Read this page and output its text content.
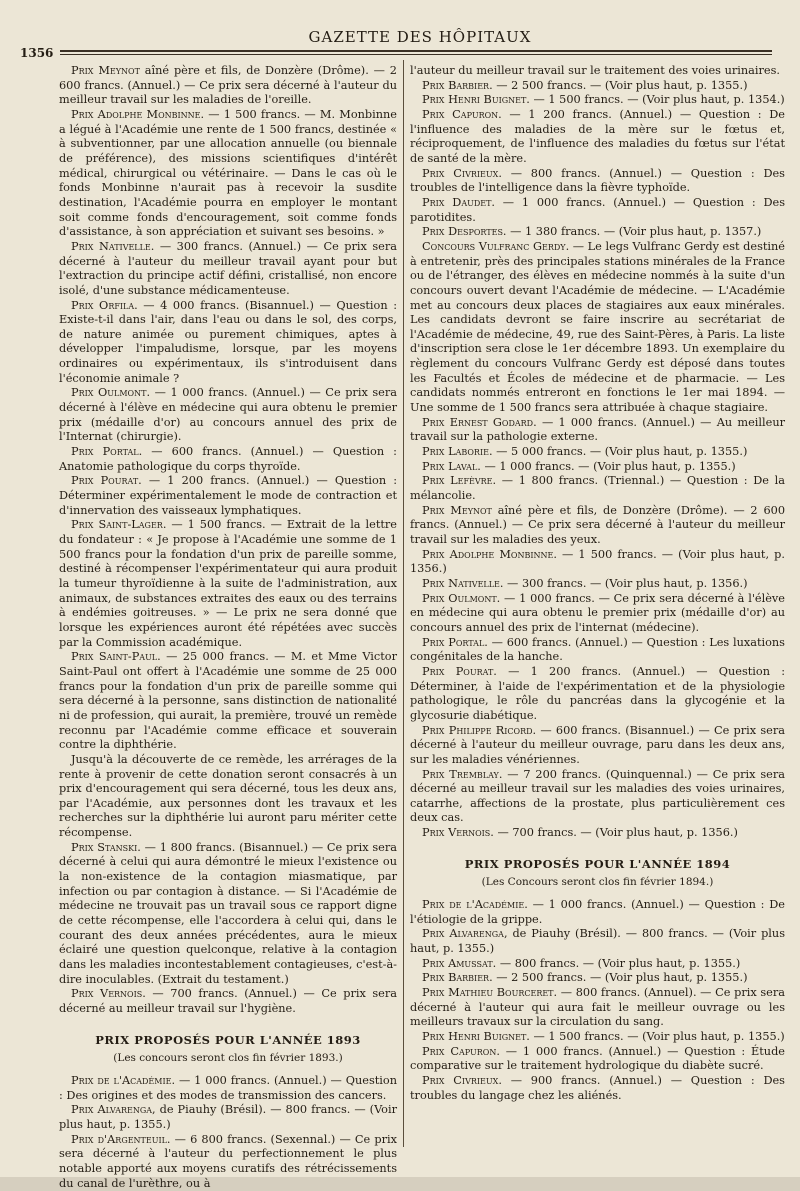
1356
GAZETTE DES HÔPITAUX

Prix Meynot aîné père et fils, de Donzère (Drôme). — 2 600 francs. (Annuel.) — Ce prix sera décerné à l'auteur du meilleur travail sur les maladies de l'oreille.

Prix Adolphe Monbinne. — 1 500 francs. — M. Monbinne a légué à l'Académie une rente de 1 500 francs, destinée « à subventionner, par une allocation annuelle (ou biennale de préférence), des missions scientifiques d'intérêt médical, chirurgical ou vétérinaire. — Dans le cas où le fonds Monbinne n'aurait pas à recevoir la susdite destination, l'Académie pourra en employer le montant soit comme fonds d'encouragement, soit comme fonds d'assistance, à son appréciation et suivant ses besoins. »

Prix Nativelle. — 300 francs. (Annuel.) — Ce prix sera décerné à l'auteur du meilleur travail ayant pour but l'extraction du principe actif défini, cristallisé, non encore isolé, d'une substance médicamenteuse.

Prix Orfila. — 4 000 francs. (Bisannuel.) — Question : Existe-t-il dans l'air, dans l'eau ou dans le sol, des corps, de nature animée ou purement chimiques, aptes à développer l'impaludisme, lorsque, par les moyens ordinaires ou expérimentaux, ils s'introduisent dans l'économie animale ?

Prix Oulmont. — 1 000 francs. (Annuel.) — Ce prix sera décerné à l'élève en médecine qui aura obtenu le premier prix (médaille d'or) au concours annuel des prix de l'Internat (chirurgie).

Prix Portal. — 600 francs. (Annuel.) — Question : Anatomie pathologique du corps thyroïde.

Prix Pourat. — 1 200 francs. (Annuel.) — Question : Déterminer expérimentalement le mode de contraction et d'innervation des vaisseaux lymphatiques.

Prix Saint-Lager. — 1 500 francs. — Extrait de la lettre du fondateur : « Je propose à l'Académie une somme de 1 500 francs pour la fondation d'un prix de pareille somme, destiné à récompenser l'expérimentateur qui aura produit la tumeur thyroïdienne à la suite de l'administration, aux animaux, de substances extraites des eaux ou des terrains à endémies goitreuses. » — Le prix ne sera donné que lorsque les expériences auront été répétées avec succès par la Commission académique.

Prix Saint-Paul. — 25 000 francs. — M. et Mme Victor Saint-Paul ont offert à l'Académie une somme de 25 000 francs pour la fondation d'un prix de pareille somme qui sera décerné à la personne, sans distinction de nationalité ni de profession, qui aurait, la première, trouvé un remède reconnu par l'Académie comme efficace et souverain contre la diphthérie.

Jusqu'à la découverte de ce remède, les arrérages de la rente à provenir de cette donation seront consacrés à un prix d'encouragement qui sera décerné, tous les deux ans, par l'Académie, aux personnes dont les travaux et les recherches sur la diphthérie lui auront paru mériter cette récompense.

Prix Stanski. — 1 800 francs. (Bisannuel.) — Ce prix sera décerné à celui qui aura démontré le mieux l'existence ou la non-existence de la contagion miasmatique, par infection ou par contagion à distance. — Si l'Académie de médecine ne trouvait pas un travail sous ce rapport digne de cette récompense, elle l'accordera à celui qui, dans le courant des deux années précédentes, aura le mieux éclairé une question quelconque, relative à la contagion dans les maladies incontestablement contagieuses, c'est-à-dire inoculables. (Extrait du testament.)

Prix Vernois. — 700 francs. (Annuel.) — Ce prix sera décerné au meilleur travail sur l'hygiène.

PRIX PROPOSÉS POUR L'ANNÉE 1893
(Les concours seront clos fin février 1893.)

Prix de l'Académie. — 1 000 francs. (Annuel.) — Question : Des origines et des modes de transmission des cancers.

Prix Alvarenga, de Piauhy (Brésil). — 800 francs. — (Voir plus haut, p. 1355.)

Prix d'Argenteuil. — 6 800 francs. (Sexennal.) — Ce prix sera décerné à l'auteur du perfectionnement le plus notable apporté aux moyens curatifs des rétrécissements du canal de l'urèthre, ou à

l'auteur du meilleur travail sur le traitement des voies urinaires.

Prix Barbier. — 2 500 francs. — (Voir plus haut, p. 1355.)

Prix Henri Buignet. — 1 500 francs. — (Voir plus haut, p. 1354.)

Prix Capuron. — 1 200 francs. (Annuel.) — Question : De l'influence des maladies de la mère sur le fœtus et, réciproquement, de l'influence des maladies du fœtus sur l'état de santé de la mère.

Prix Civrieux. — 800 francs. (Annuel.) — Question : Des troubles de l'intelligence dans la fièvre typhoïde.

Prix Daudet. — 1 000 francs. (Annuel.) — Question : Des parotidites.

Prix Desportes. — 1 380 francs. — (Voir plus haut, p. 1357.)

Concours Vulfranc Gerdy. — Le legs Vulfranc Gerdy est destiné à entretenir, près des principales stations minérales de la France ou de l'étranger, des élèves en médecine nommés à la suite d'un concours ouvert devant l'Académie de médecine. — L'Académie met au concours deux places de stagiaires aux eaux minérales. Les candidats devront se faire inscrire au secrétariat de l'Académie de médecine, 49, rue des Saint-Pères, à Paris. La liste d'inscription sera close le 1er décembre 1893. Un exemplaire du règlement du concours Vulfranc Gerdy est déposé dans toutes les Facultés et Écoles de médecine et de pharmacie. — Les candidats nommés entreront en fonctions le 1er mai 1894. — Une somme de 1 500 francs sera attribuée à chaque stagiaire.

Prix Ernest Godard. — 1 000 francs. (Annuel.) — Au meilleur travail sur la pathologie externe.

Prix Laborie. — 5 000 francs. — (Voir plus haut, p. 1355.)

Prix Laval. — 1 000 francs. — (Voir plus haut, p. 1355.)

Prix Lefèvre. — 1 800 francs. (Triennal.) — Question : De la mélancolie.

Prix Meynot aîné père et fils, de Donzère (Drôme). — 2 600 francs. (Annuel.) — Ce prix sera décerné à l'auteur du meilleur travail sur les maladies des yeux.

Prix Adolphe Monbinne. — 1 500 francs. — (Voir plus haut, p. 1356.)

Prix Nativelle. — 300 francs. — (Voir plus haut, p. 1356.)

Prix Oulmont. — 1 000 francs. — Ce prix sera décerné à l'élève en médecine qui aura obtenu le premier prix (médaille d'or) au concours annuel des prix de l'internat (médecine).

Prix Portal. — 600 francs. (Annuel.) — Question : Les luxations congénitales de la hanche.

Prix Pourat. — 1 200 francs. (Annuel.) — Question : Déterminer, à l'aide de l'expérimentation et de la physiologie pathologique, le rôle du pancréas dans la glycogénie et la glycosurie diabétique.

Prix Philippe Ricord. — 600 francs. (Bisannuel.) — Ce prix sera décerné à l'auteur du meilleur ouvrage, paru dans les deux ans, sur les maladies vénériennes.

Prix Tremblay. — 7 200 francs. (Quinquennal.) — Ce prix sera décerné au meilleur travail sur les maladies des voies urinaires, catarrhe, affections de la prostate, plus particulièrement ces deux cas.

Prix Vernois. — 700 francs. — (Voir plus haut, p. 1356.)

PRIX PROPOSÉS POUR L'ANNÉE 1894
(Les Concours seront clos fin février 1894.)

Prix de l'Académie. — 1 000 francs. (Annuel.) — Question : De l'étiologie de la grippe.

Prix Alvarenga, de Piauhy (Brésil). — 800 francs. — (Voir plus haut, p. 1355.)

Prix Amussat. — 800 francs. — (Voir plus haut, p. 1355.)

Prix Barbier. — 2 500 francs. — (Voir plus haut, p. 1355.)

Prix Mathieu Bourceret. — 800 francs. (Annuel). — Ce prix sera décerné à l'auteur qui aura fait le meilleur ouvrage ou les meilleurs travaux sur la circulation du sang.

Prix Henri Buignet. — 1 500 francs. — (Voir plus haut, p. 1355.)

Prix Capuron. — 1 000 francs. (Annuel.) — Question : Étude comparative sur le traitement hydrologique du diabète sucré.

Prix Civrieux. — 900 francs. (Annuel.) — Question : Des troubles du langage chez les aliénés.
